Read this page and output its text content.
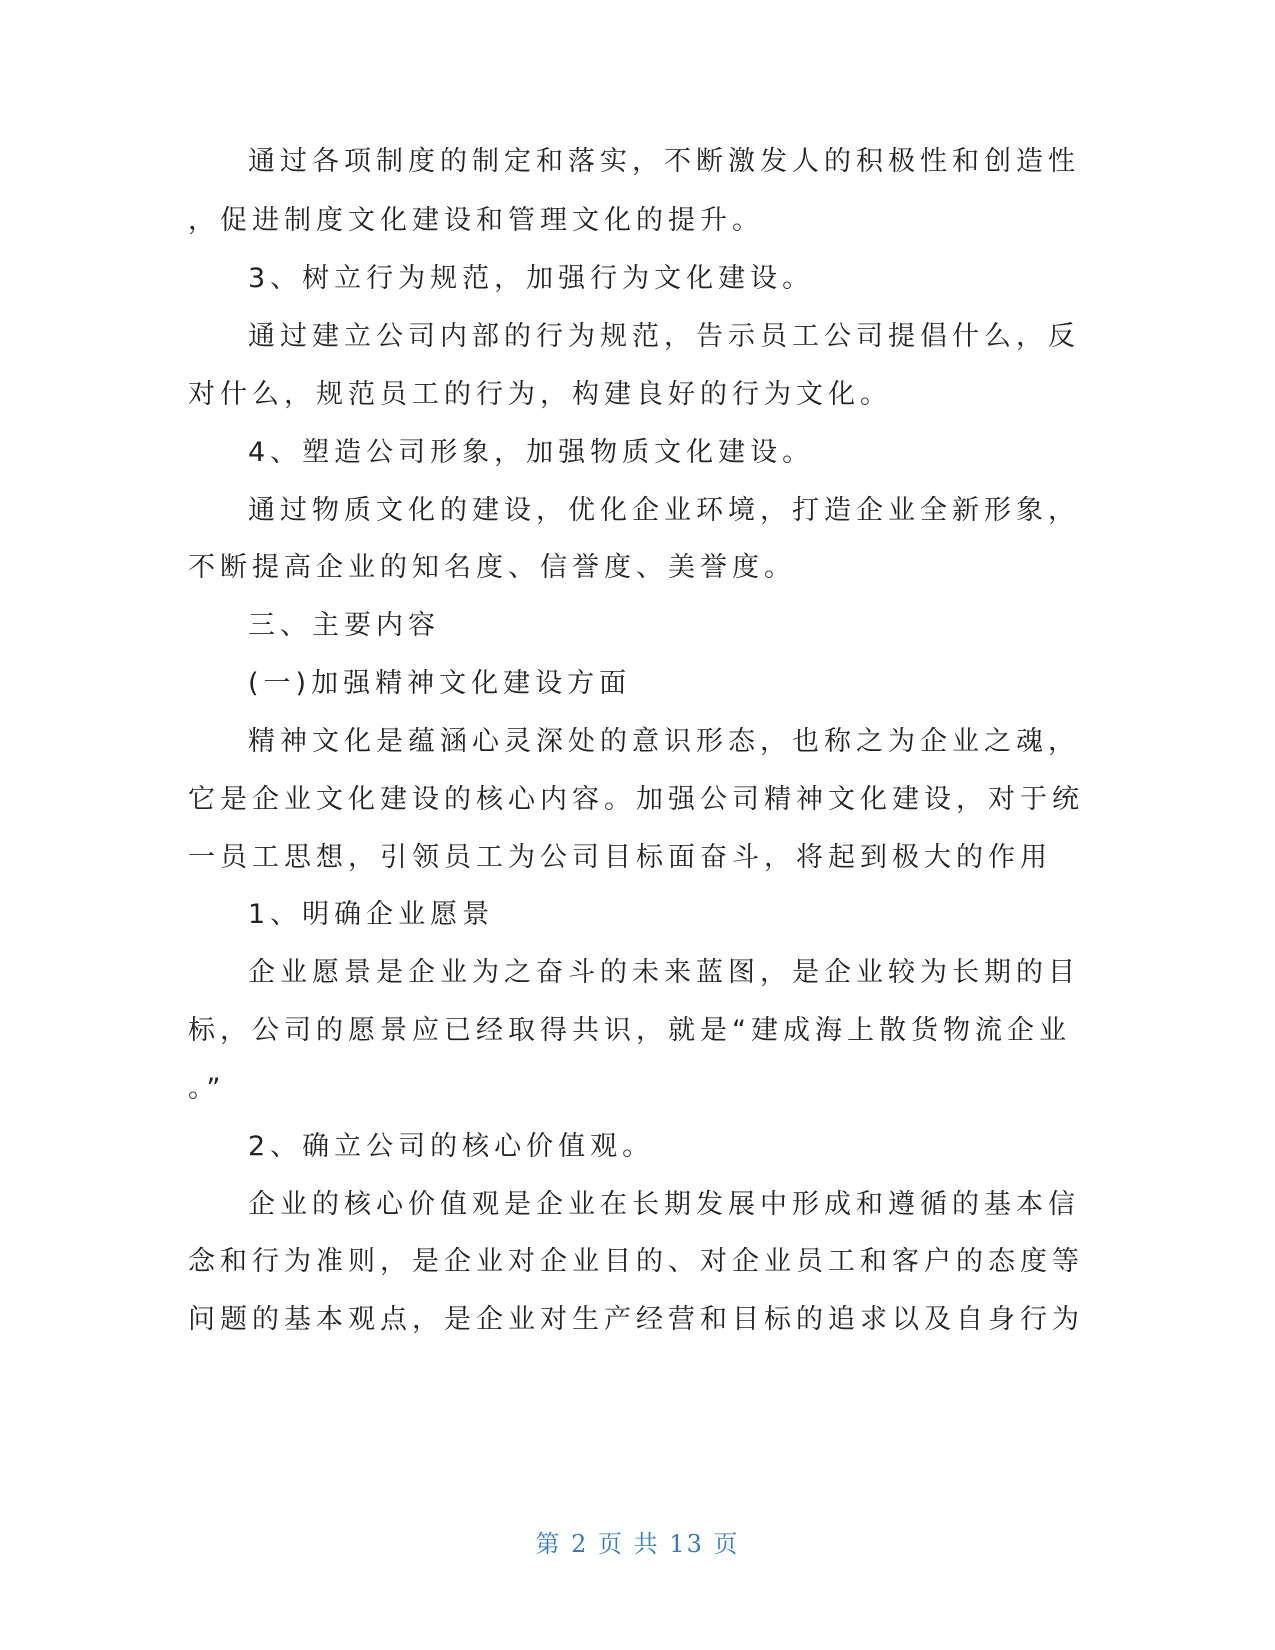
通过各项制度的制定和落实，不断激发人的积极性和创造性
，促进制度文化建设和管理文化的提升。
3、树立行为规范，加强行为文化建设。
通过建立公司内部的行为规范，告示员工公司提倡什么，反
对什么，规范员工的行为，构建良好的行为文化。
4、塑造公司形象，加强物质文化建设。
通过物质文化的建设，优化企业环境，打造企业全新形象，
不断提高企业的知名度、信誉度、美誉度。
三、主要内容
(一)加强精神文化建设方面
精神文化是蕴涵心灵深处的意识形态，也称之为企业之魂，
它是企业文化建设的核心内容。加强公司精神文化建设，对于统
一员工思想，引领员工为公司目标面奋斗，将起到极大的作用
1、明确企业愿景
企业愿景是企业为之奋斗的未来蓝图，是企业较为长期的目
标，公司的愿景应已经取得共识，就是“建成海上散货物流企业
。”
2、确立公司的核心价值观。
企业的核心价值观是企业在长期发展中形成和遵循的基本信
念和行为准则，是企业对企业目的、对企业员工和客户的态度等
问题的基本观点，是企业对生产经营和目标的追求以及自身行为
第 2 页 共 13 页
